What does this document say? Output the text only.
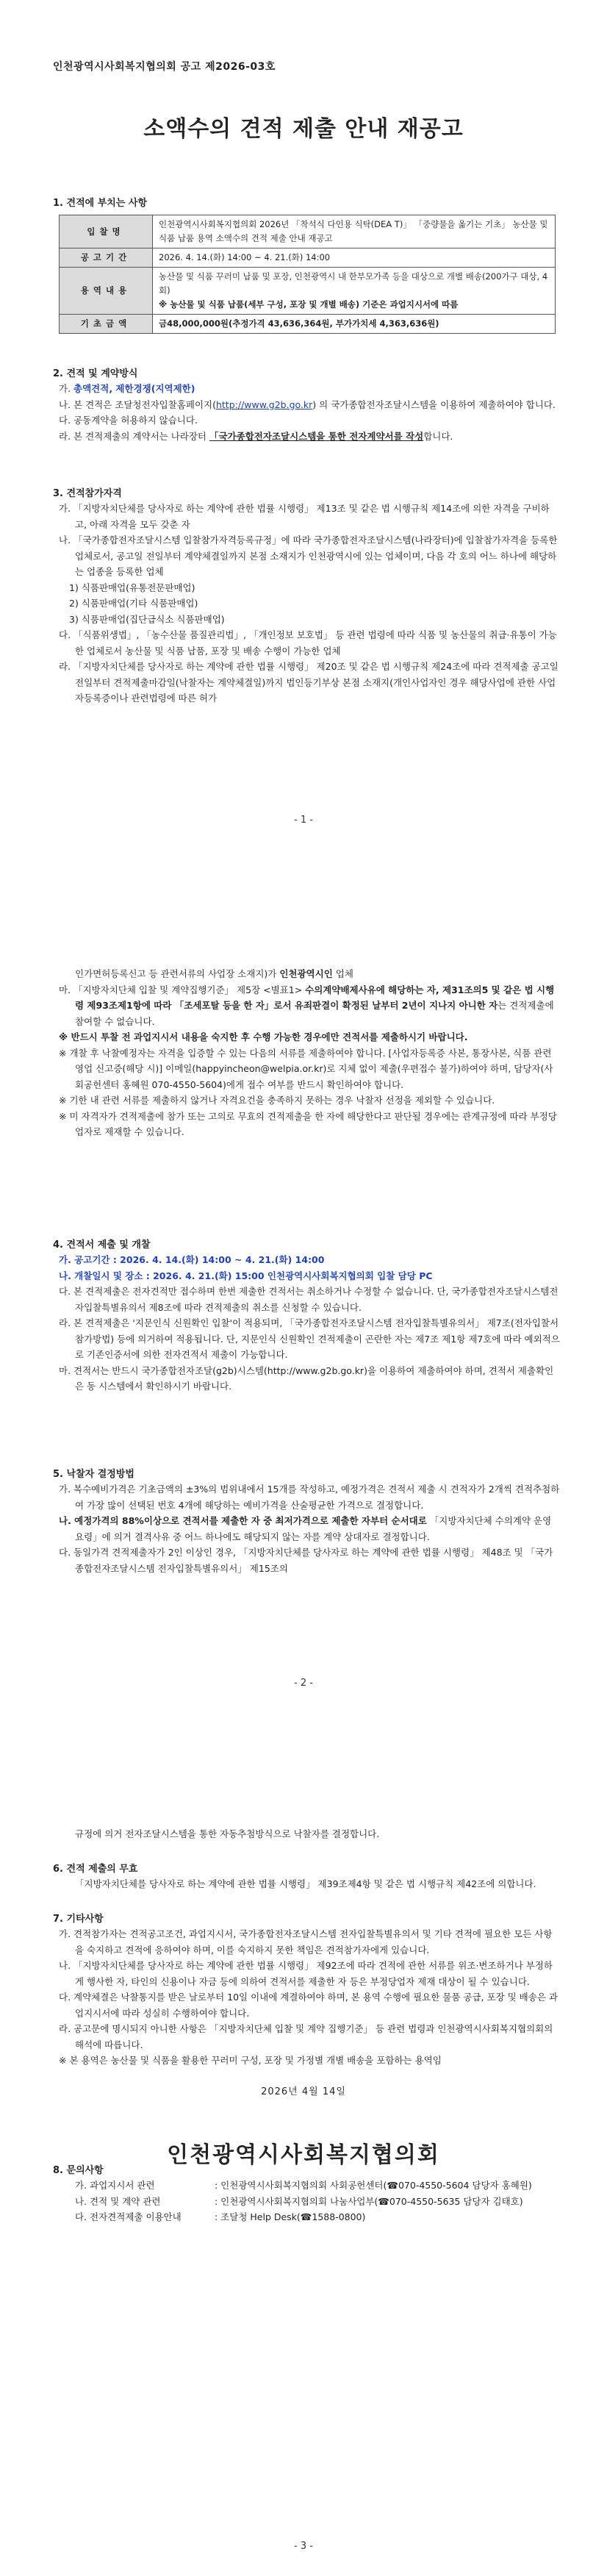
인천광역시사회복지협의회 공고 제2026-03호
소액수의 견적 제출 안내 재공고
1. 견적에 부치는 사항
입찰명	인천광역시사회복지협의회 2026년 「착석식 다인용 식탁(DEA T)」 「중량물을 옮기는 기초」 농산물 및 식품 납품 용역 소액수의 견적 제출 안내 재공고
공고기간	2026. 4. 14.(화) 14:00 ~ 4. 21.(화) 14:00
용역내용	농산물 및 식품 꾸러미 납품 및 포장, 인천광역시 내 한부모가족 등을 대상으로 개별 배송(200가구 대상, 4회)
※ 농산물 및 식품 납품(세부 구성, 포장 및 개별 배송) 기준은 과업지시서에 따름

기초금액	금48,000,000원(추정가격 43,636,364원, 부가가치세 4,363,636원)
2. 견적 및 계약방식

가. 총액견적, 제한경쟁(지역제한)

나. 본 견적은 조달청전자입찰홈페이지(http://www.g2b.go.kr) 의 국가종합전자조달시스템을 이용하여 제출하여야 합니다.

다. 공동계약을 허용하지 않습니다.

라. 본 견적제출의 계약서는 나라장터 「국가종합전자조달시스템을 통한 전자계약서를 작성합니다.

3. 견적참가자격

가. 「지방자치단체를 당사자로 하는 계약에 관한 법률 시행령」 제13조 및 같은 법 시행규칙 제14조에 의한 자격을 구비하고, 아래 자격을 모두 갖춘 자

나. 「국가종합전자조달시스템 입찰참가자격등록규정」에 따라 국가종합전자조달시스템(나라장터)에 입찰참가자격을 등록한 업체로서, 공고일 전일부터 계약체결일까지 본점 소재지가 인천광역시에 있는 업체이며, 다음 각 호의 어느 하나에 해당하는 업종을 등록한 업체

1) 식품판매업(유통전문판매업)

2) 식품판매업(기타 식품판매업)

3) 식품판매업(집단급식소 식품판매업)

다. 「식품위생법」, 「농수산물 품질관리법」, 「개인정보 보호법」 등 관련 법령에 따라 식품 및 농산물의 취급·유통이 가능한 업체로서 농산물 및 식품 납품, 포장 및 배송 수행이 가능한 업체

라. 「지방자치단체를 당사자로 하는 계약에 관한 법률 시행령」 제20조 및 같은 법 시행규칙 제24조에 따라 견적제출 공고일 전일부터 견적제출마감일(낙찰자는 계약체결일)까지 법인등기부상 본점 소재지(개인사업자인 경우 해당사업에 관한 사업자등록증이나 관련법령에 따른 허가

- 1 -

인가면허등록신고 등 관련서류의 사업장 소재지)가 인천광역시인 업체

마. 「지방자치단체 입찰 및 계약집행기준」 제5장 <별표1> 수의계약배제사유에 해당하는 자, 제31조의5 및 같은 법 시행령 제93조제1항에 따라 「조세포탈 등을 한 자」로서 유죄판결이 확정된 날부터 2년이 지나지 아니한 자는 견적제출에 참여할 수 없습니다.

※ 반드시 투찰 전 과업지시서 내용을 숙지한 후 수행 가능한 경우에만 견적서를 제출하시기 바랍니다.

※ 개찰 후 낙찰예정자는 자격을 입증할 수 있는 다음의 서류를 제출하여야 합니다. [사업자등록증 사본, 통장사본, 식품 관련 영업 신고증(해당 시)] 이메일(happyincheon@welpia.or.kr)로 지체 없이 제출(우편접수 불가)하여야 하며, 담당자(사회공헌센터 홍혜원 070-4550-5604)에게 접수 여부를 반드시 확인하여야 합니다.

※ 기한 내 관련 서류를 제출하지 않거나 자격요건을 충족하지 못하는 경우 낙찰자 선정을 제외할 수 있습니다.

※ 미 자격자가 견적제출에 참가 또는 고의로 무효의 견적제출을 한 자에 해당한다고 판단될 경우에는 관계규정에 따라 부정당업자로 제재할 수 있습니다.

4. 견적서 제출 및 개찰

가. 공고기간 : 2026. 4. 14.(화) 14:00 ~ 4. 21.(화) 14:00

나. 개찰일시 및 장소 : 2026. 4. 21.(화) 15:00 인천광역시사회복지협의회 입찰 담당 PC

다. 본 견적제출은 전자견적만 접수하며 한번 제출한 견적서는 취소하거나 수정할 수 없습니다. 단, 국가종합전자조달시스템전자입찰특별유의서 제8조에 따라 견적제출의 취소를 신청할 수 있습니다.

라. 본 견적제출은 '지문인식 신원확인 입찰'이 적용되며, 「국가종합전자조달시스템 전자입찰특별유의서」 제7조(전자입찰서 참가방법) 등에 의거하여 적용됩니다. 단, 지문인식 신원확인 견적제출이 곤란한 자는 제7조 제1항 제7호에 따라 예외적으로 기존인증서에 의한 전자견적서 제출이 가능합니다.

마. 견적서는 반드시 국가종합전자조달(g2b)시스템(http://www.g2b.go.kr)을 이용하여 제출하여야 하며, 견적서 제출확인은 동 시스템에서 확인하시기 바랍니다.

5. 낙찰자 결정방법

가. 복수예비가격은 기초금액의 ±3%의 범위내에서 15개를 작성하고, 예정가격은 견적서 제출 시 견적자가 2개씩 견적추첨하여 가장 많이 선택된 번호 4개에 해당하는 예비가격을 산술평균한 가격으로 결정합니다.

나. 예정가격의 88%이상으로 견적서를 제출한 자 중 최저가격으로 제출한 자부터 순서대로 「지방자치단체 수의계약 운영요령」에 의거 결격사유 중 어느 하나에도 해당되지 않는 자를 계약 상대자로 결정합니다.

다. 동일가격 견적제출자가 2인 이상인 경우, 「지방자치단체를 당사자로 하는 계약에 관한 법률 시행령」 제48조 및 「국가종합전자조달시스템 전자입찰특별유의서」 제15조의

- 2 -

규정에 의거 전자조달시스템을 통한 자동추첨방식으로 낙찰자를 결정합니다.

6. 견적 제출의 무효

「지방자치단체를 당사자로 하는 계약에 관한 법률 시행령」 제39조제4항 및 같은 법 시행규칙 제42조에 의합니다.

7. 기타사항

가. 견적참가자는 견적공고조건, 과업지시서, 국가종합전자조달시스템 전자입찰특별유의서 및 기타 견적에 필요한 모든 사항을 숙지하고 견적에 응하여야 하며, 이를 숙지하지 못한 책임은 견적참가자에게 있습니다.

나. 「지방자치단체를 당사자로 하는 계약에 관한 법률 시행령」 제92조에 따라 견적에 관한 서류를 위조·변조하거나 부정하게 행사한 자, 타인의 신용이나 자금 등에 의하여 견적서를 제출한 자 등은 부정당업자 제재 대상이 될 수 있습니다.

다. 계약체결은 낙찰통지를 받은 날로부터 10일 이내에 계결하여야 하며, 본 용역 수행에 필요한 물품 공급, 포장 및 배송은 과업지시서에 따라 성실히 수행하여야 합니다.

라. 공고문에 명시되지 아니한 사항은 「지방자치단체 입찰 및 계약 집행기준」 등 관련 법령과 인천광역시사회복지협의회의 해석에 따릅니다.

※ 본 용역은 농산물 및 식품을 활용한 꾸러미 구성, 포장 및 가정별 개별 배송을 포함하는 용역임

8. 문의사항

가. 과업지시서 관련	: 인천광역시사회복지협의회 사회공헌센터(☎070-4550-5604 담당자 홍혜원)

나. 견적 및 계약 관련	: 인천광역시사회복지협의회 나눔사업부(☎070-4550-5635 담당자 김태호)

다. 전자견적제출 이용안내	: 조달청 Help Desk(☎1588-0800)

2026년 4월 14일
인천광역시사회복지협의회
- 3 -
